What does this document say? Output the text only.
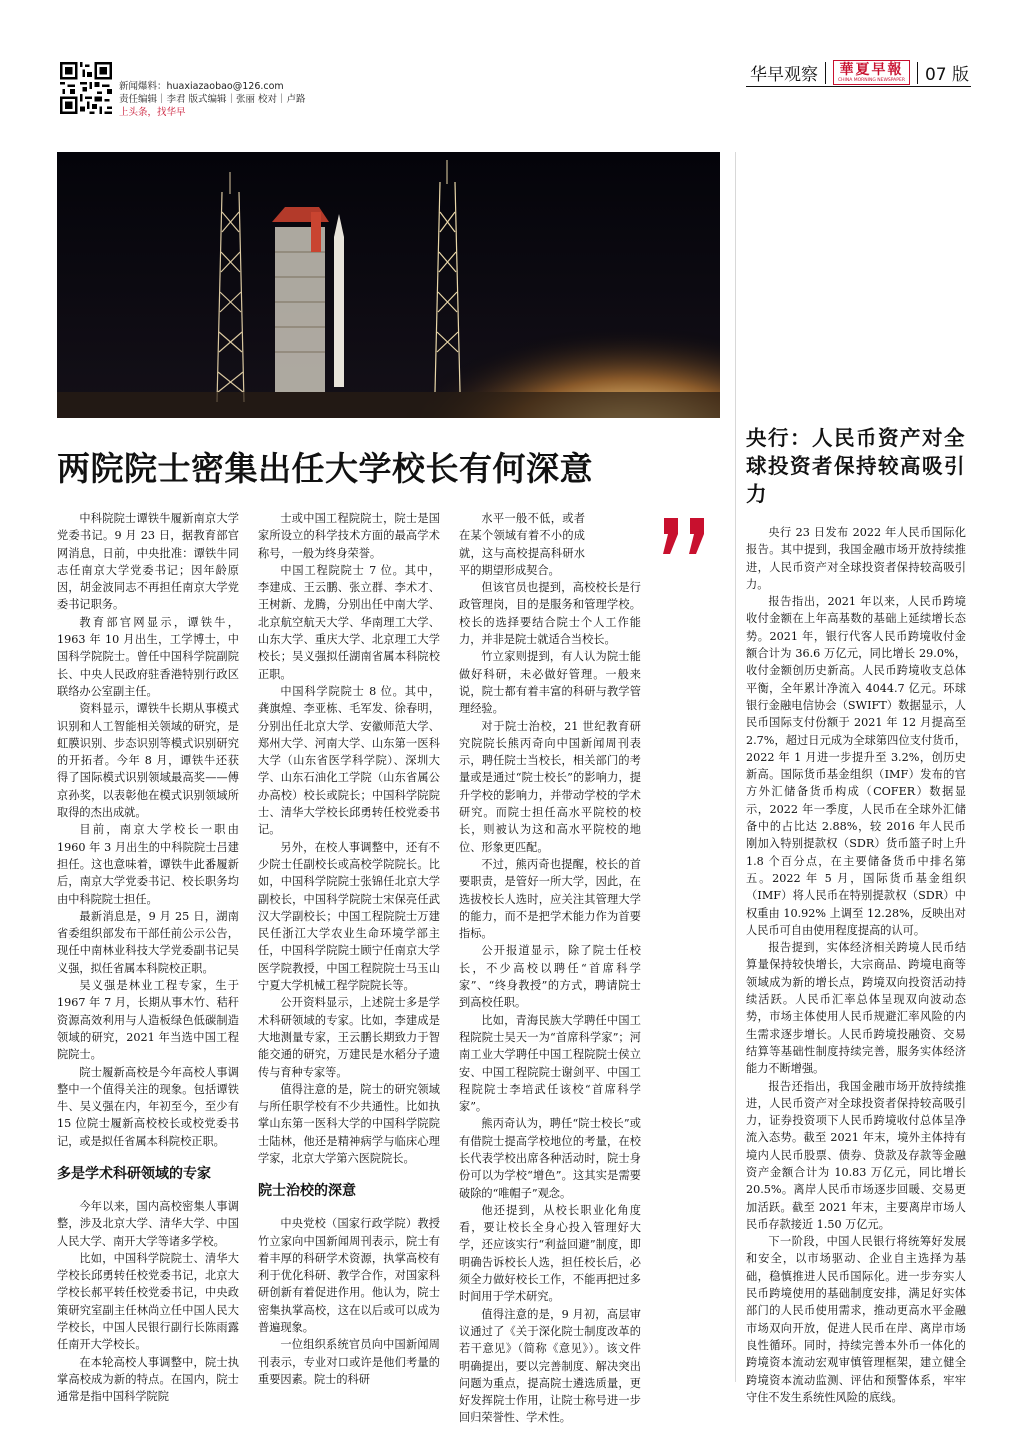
新闻爆料：huaxiazaobao@126.com
责任编辑｜李君 版式编辑｜张丽 校对｜卢路
上头条，找华早
华早观察 華夏早報
CHINA MORNING NEWSPAPER 07 版
两院院士密集出任大学校长有何深意

中科院院士谭铁牛履新南京大学党委书记。9 月 23 日，据教育部官网消息，日前，中央批准：谭铁牛同志任南京大学党委书记；因年龄原因，胡金波同志不再担任南京大学党委书记职务。

教育部官网显示，谭铁牛，1963 年 10 月出生，工学博士，中国科学院院士。曾任中国科学院副院长、中央人民政府驻香港特别行政区联络办公室副主任。

资料显示，谭铁牛长期从事模式识别和人工智能相关领域的研究，是虹膜识别、步态识别等模式识别研究的开拓者。今年 8 月，谭铁牛还获得了国际模式识别领域最高奖——傅京孙奖，以表彰他在模式识别领域所取得的杰出成就。

目前，南京大学校长一职由 1960 年 3 月出生的中科院院士吕建担任。这也意味着，谭铁牛此番履新后，南京大学党委书记、校长职务均由中科院院士担任。

最新消息是，9 月 25 日，湖南省委组织部发布干部任前公示公告，现任中南林业科技大学党委副书记吴义强，拟任省属本科院校正职。

吴义强是林业工程专家，生于 1967 年 7 月，长期从事木竹、秸秆资源高效利用与人造板绿色低碳制造领域的研究，2021 年当选中国工程院院士。

院士履新高校是今年高校人事调整中一个值得关注的现象。包括谭铁牛、吴义强在内，年初至今，至少有 15 位院士履新高校校长或校党委书记，或是拟任省属本科院校正职。

多是学术科研领域的专家

今年以来，国内高校密集人事调整，涉及北京大学、清华大学、中国人民大学、南开大学等诸多学校。

比如，中国科学院院士、清华大学校长邱勇转任校党委书记，北京大学校长郝平转任校党委书记，中央政策研究室副主任林尚立任中国人民大学校长，中国人民银行副行长陈雨露任南开大学校长。

在本轮高校人事调整中，院士执掌高校成为新的特点。在国内，院士通常是指中国科学院院

士或中国工程院院士，院士是国家所设立的科学技术方面的最高学术称号，一般为终身荣誉。

中国工程院院士 7 位。其中，李建成、王云鹏、张立群、李术才、王树新、龙腾，分别出任中南大学、北京航空航天大学、华南理工大学、山东大学、重庆大学、北京理工大学校长；吴义强拟任湖南省属本科院校正职。

中国科学院院士 8 位。其中，龚旗煌、李亚栋、毛军发、徐春明，分别出任北京大学、安徽师范大学、郑州大学、河南大学、山东第一医科大学（山东省医学科学院）、深圳大学、山东石油化工学院（山东省属公办高校）校长或院长；中国科学院院士、清华大学校长邱勇转任校党委书记。

另外，在校人事调整中，还有不少院士任副校长或高校学院院长。比如，中国科学院院士张锦任北京大学副校长，中国科学院院士宋保亮任武汉大学副校长；中国工程院院士万建民任浙江大学农业生命环境学部主任，中国科学院院士顾宁任南京大学医学院教授，中国工程院院士马玉山宁夏大学机械工程学院院长等。

公开资料显示，上述院士多是学术科研领域的专家。比如，李建成是大地测量专家，王云鹏长期致力于智能交通的研究，万建民是水稻分子遗传与育种专家等。

值得注意的是，院士的研究领域与所任职学校有不少共通性。比如执掌山东第一医科大学的中国科学院院士陆林，他还是精神病学与临床心理学家，北京大学第六医院院长。

院士治校的深意

中央党校（国家行政学院）教授竹立家向中国新闻周刊表示，院士有着丰厚的科研学术资源，执掌高校有利于优化科研、教学合作，对国家科研创新有着促进作用。他认为，院士密集执掌高校，这在以后或可以成为普遍现象。

一位组织系统官员向中国新闻周刊表示，专业对口或许是他们考量的重要因素。院士的科研

水平一般不低，或者在某个领域有着不小的成就，这与高校提高科研水平的期望形成契合。

但该官员也提到，高校校长是行政管理岗，目的是服务和管理学校。校长的选择要结合院士个人工作能力，并非是院士就适合当校长。

竹立家则提到，有人认为院士能做好科研，未必做好管理。一般来说，院士都有着丰富的科研与教学管理经验。

对于院士治校，21 世纪教育研究院院长熊丙奇向中国新闻周刊表示，聘任院士当校长，相关部门的考量或是通过“院士校长”的影响力，提升学校的影响力，并带动学校的学术研究。而院士担任高水平院校的校长，则被认为这和高水平院校的地位、形象更匹配。

不过，熊丙奇也提醒，校长的首要职责，是管好一所大学，因此，在选拔校长人选时，应关注其管理大学的能力，而不是把学术能力作为首要指标。

公开报道显示，除了院士任校长，不少高校以聘任“首席科学家”、“终身教授”的方式，聘请院士到高校任职。

比如，青海民族大学聘任中国工程院院士吴天一为“首席科学家”；河南工业大学聘任中国工程院院士侯立安、中国工程院院士谢剑平、中国工程院院士李培武任该校“首席科学家”。

熊丙奇认为，聘任“院士校长”或有借院士提高学校地位的考量，在校长代表学校出席各种活动时，院士身份可以为学校“增色”。这其实是需要破除的“唯帽子”观念。

他还提到，从校长职业化角度看，要让校长全身心投入管理好大学，还应该实行“利益回避”制度，即明确告诉校长人选，担任校长后，必须全力做好校长工作，不能再把过多时间用于学术研究。

值得注意的是，9 月初，高层审议通过了《关于深化院士制度改革的若干意见》（简称《意见》）。该文件明确提出，要以完善制度、解决突出问题为重点，提高院士遴选质量，更好发挥院士作用，让院士称号进一步回归荣誉性、学术性。

央行：人民币资产对全球投资者保持较高吸引力

央行 23 日发布 2022 年人民币国际化报告。其中提到，我国金融市场开放持续推进，人民币资产对全球投资者保持较高吸引力。

报告指出，2021 年以来，人民币跨境收付金额在上年高基数的基础上延续增长态势。2021 年，银行代客人民币跨境收付金额合计为 36.6 万亿元，同比增长 29.0%，收付金额创历史新高。人民币跨境收支总体平衡，全年累计净流入 4044.7 亿元。环球银行金融电信协会（SWIFT）数据显示，人民币国际支付份额于 2021 年 12 月提高至 2.7%，超过日元成为全球第四位支付货币，2022 年 1 月进一步提升至 3.2%，创历史新高。国际货币基金组织（IMF）发布的官方外汇储备货币构成（COFER）数据显示，2022 年一季度，人民币在全球外汇储备中的占比达 2.88%，较 2016 年人民币刚加入特别提款权（SDR）货币篮子时上升 1.8 个百分点，在主要储备货币中排名第五。2022 年 5 月，国际货币基金组织（IMF）将人民币在特别提款权（SDR）中权重由 10.92% 上调至 12.28%，反映出对人民币可自由使用程度提高的认可。

报告提到，实体经济相关跨境人民币结算量保持较快增长，大宗商品、跨境电商等领域成为新的增长点，跨境双向投资活动持续活跃。人民币汇率总体呈现双向波动态势，市场主体使用人民币规避汇率风险的内生需求逐步增长。人民币跨境投融资、交易结算等基础性制度持续完善，服务实体经济能力不断增强。

报告还指出，我国金融市场开放持续推进，人民币资产对全球投资者保持较高吸引力，证券投资项下人民币跨境收付总体呈净流入态势。截至 2021 年末，境外主体持有境内人民币股票、债券、贷款及存款等金融资产金额合计为 10.83 万亿元，同比增长 20.5%。离岸人民币市场逐步回暖、交易更加活跃。截至 2021 年末，主要离岸市场人民币存款接近 1.50 万亿元。

下一阶段，中国人民银行将统筹好发展和安全，以市场驱动、企业自主选择为基础，稳慎推进人民币国际化。进一步夯实人民币跨境使用的基础制度安排，满足好实体部门的人民币使用需求，推动更高水平金融市场双向开放，促进人民币在岸、离岸市场良性循环。同时，持续完善本外币一体化的跨境资本流动宏观审慎管理框架，建立健全跨境资本流动监测、评估和预警体系，牢牢守住不发生系统性风险的底线。
